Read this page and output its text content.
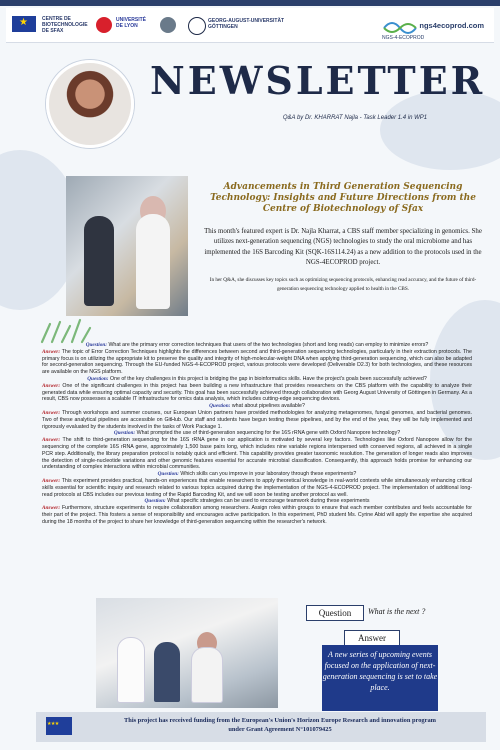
★
CENTRE DE
BIOTECHNOLOGIE
DE SFAX
UNIVERSITÉ
DE LYON
GEORG-AUGUST-UNIVERSITÄT
GÖTTINGEN
NGS-4-ECOPROD
ngs4ecoprod.com
NEWSLETTER
Q&A by Dr. KHARRAT Najla - Task Leader 1.4 in WP1
Advancements in Third Generation Sequencing Technology: Insights and Future Directions from the Centre of Biotechnology of Sfax
This month's featured expert is Dr. Najla Kharrat, a CBS staff member specializing in genomics. She utilizes next-generation sequencing (NGS) technologies to study the oral microbiome and has implemented the 16S Barcoding Kit (SQK-16S114.24) as a new addition to the protocols used in the NGS-4ECOPROD project.
In her Q&A, she discusses key topics such as optimizing sequencing protocols, enhancing read accuracy, and the future of third-generation sequencing technology applied to health in the CBS.

Question: What are the primary error correction techniques that users of the two technologies (short and long reads) can employ to minimize errors?

Answer: The topic of Error Correction Techniques highlights the differences between second and third-generation sequencing technologies, particularly in their extraction protocols. The primary focus is on utilizing the appropriate kit to preserve the quality and integrity of high-molecular-weight DNA when applying third-generation sequencing, which can also be adapted for second-generation sequencing. Through the EU-funded NGS-4-ECOPROD project, various protocols were developed (Deliverable D2.3) for both technologies, and these resources are available on the NGS platform.

Question: One of the key challenges in this project is bridging the gap in bioinformatics skills. Have the project's goals been successfully achieved?

Answer: One of the significant challenges in this project has been building a new infrastructure that provides researchers on the CBS platform with the capability to analyze their generated data while ensuring optimal capacity and security. This goal has been successfully achieved through collaboration with Georg August University of Göttingen in Germany. As a result, CBS now possesses a scalable IT infrastructure for omics data analysis, which includes cutting-edge sequencing devices.

Question: what about pipelines available?

Answer: Through workshops and summer courses, our European Union partners have provided methodologies for analyzing metagenomes, fungal genomes, and bacterial genomes. Two of these analytical pipelines are accessible on GitHub. Our staff and students have begun testing these pipelines, and by the end of the year, they will be fully implemented and rigorously evaluated by the students involved in the tasks of Work Package 1.

Question: What prompted the use of third-generation sequencing for the 16S rRNA gene with Oxford Nanopore technology?

Answer: The shift to third-generation sequencing for the 16S rRNA gene in our application is motivated by several key factors. Technologies like Oxford Nanopore allow for the sequencing of the complete 16S rRNA gene, approximately 1,500 base pairs long, which includes nine variable regions interspersed with conserved regions, all achieved in a single PCR step. Additionally, the library preparation protocol is notably quick and efficient. This capability provides greater taxonomic resolution. The generation of longer reads also improves the detection of single-nucleotide variations and other genomic features essential for accurate microbial classification. Consequently, this approach holds promise for enhancing our understanding of complex interactions within microbial communities.

Question: Which skills can you improve in your laboratory through these experiments?

Answer: This experiment provides practical, hands-on experiences that enable researchers to apply theoretical knowledge in real-world contexts while simultaneously enhancing critical skills essential for scientific inquiry and research related to various topics acquired during the implementation of the NGS-4-ECOPROD project. The implementation of additional long-read protocols at CBS includes our previous testing of the Rapid Barcoding Kit, and we will soon be testing another protocol as well.

Question: What specific strategies can be used to encourage teamwork during these experiments

Answer: Furthermore, structure experiments to require collaboration among researchers. Assign roles within groups to ensure that each member contributes and feels accountable for their part of the project. This fosters a sense of responsibility and encourages active participation. In this experiment, PhD student Ms. Cyrine Abid will apply the expertise she acquired during the 18 months of the project to share her knowledge of third-generation sequencing within the researcher's network.

Question	What is the next ?
Answer
A new series of upcoming events focused on the application of next-generation sequencing is set to take place.
★ ★ ★
This project has received funding from the European's Union's Horizon Europe Research and innovation program
under Grant Agreement N°101079425
